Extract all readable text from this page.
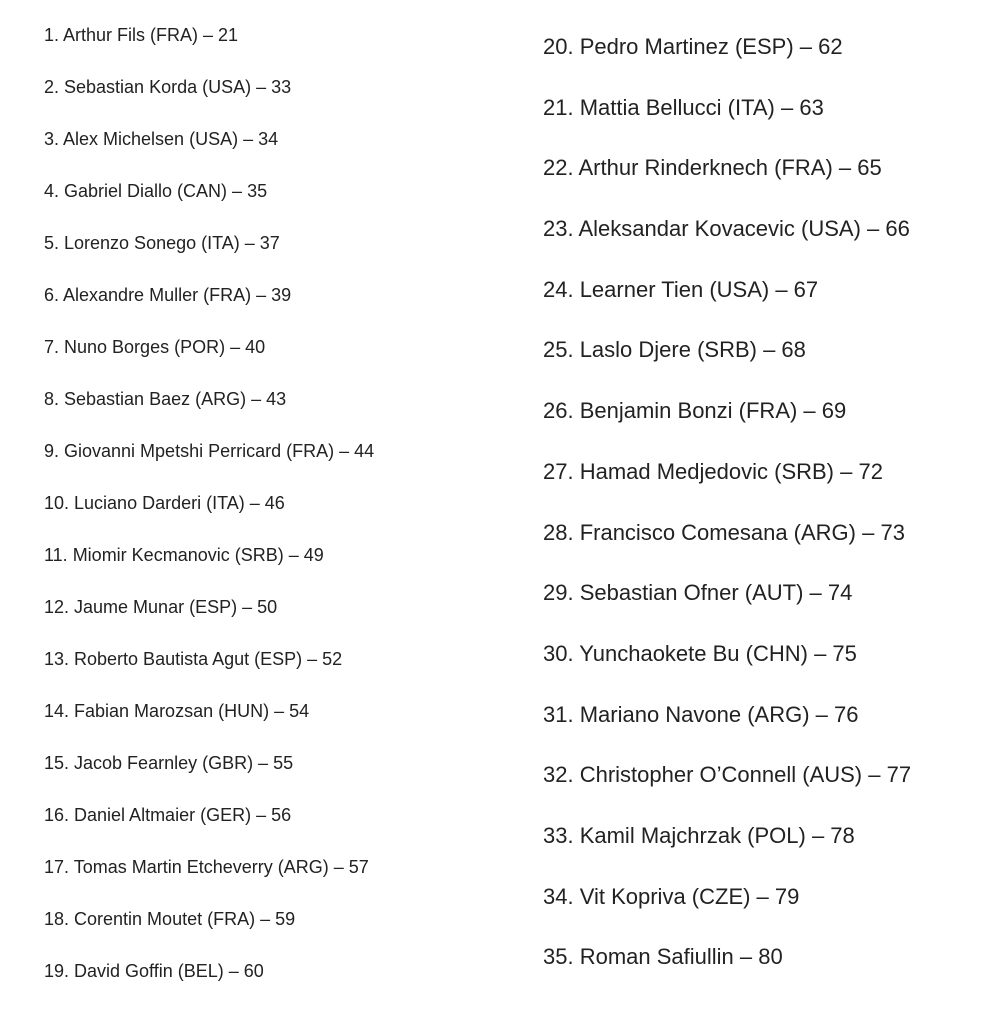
1. Arthur Fils (FRA) – 21
2. Sebastian Korda (USA) – 33
3. Alex Michelsen (USA) – 34
4. Gabriel Diallo (CAN) – 35
5. Lorenzo Sonego (ITA) – 37
6. Alexandre Muller (FRA) – 39
7. Nuno Borges (POR) – 40
8. Sebastian Baez (ARG) – 43
9. Giovanni Mpetshi Perricard (FRA) – 44
10. Luciano Darderi (ITA) – 46
11. Miomir Kecmanovic (SRB) – 49
12. Jaume Munar (ESP) – 50
13. Roberto Bautista Agut (ESP) – 52
14. Fabian Marozsan (HUN) – 54
15. Jacob Fearnley (GBR) – 55
16. Daniel Altmaier (GER) – 56
17. Tomas Martin Etcheverry (ARG) – 57
18. Corentin Moutet (FRA) – 59
19. David Goffin (BEL) – 60
20. Pedro Martinez (ESP) – 62
21. Mattia Bellucci (ITA) – 63
22. Arthur Rinderknech (FRA) – 65
23. Aleksandar Kovacevic (USA) – 66
24. Learner Tien (USA) – 67
25. Laslo Djere (SRB) – 68
26. Benjamin Bonzi (FRA) – 69
27. Hamad Medjedovic (SRB) – 72
28. Francisco Comesana (ARG) – 73
29. Sebastian Ofner (AUT) – 74
30. Yunchaokete Bu (CHN) – 75
31. Mariano Navone (ARG) – 76
32. Christopher O’Connell (AUS) – 77
33. Kamil Majchrzak (POL) – 78
34. Vit Kopriva (CZE) – 79
35. Roman Safiullin – 80
